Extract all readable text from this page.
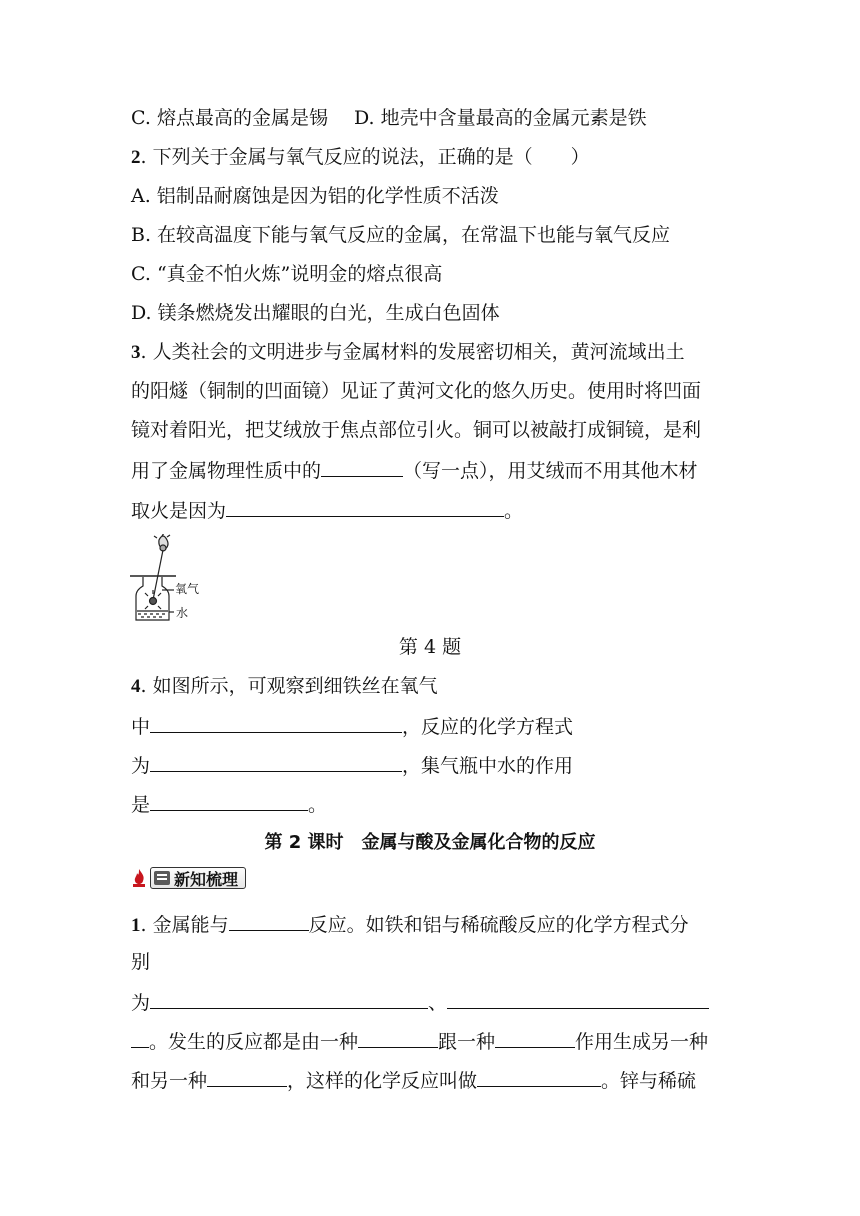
C. 熔点最高的金属是锡 D. 地壳中含量最高的金属元素是铁
2. 下列关于金属与氧气反应的说法，正确的是（　　）
A. 铝制品耐腐蚀是因为铝的化学性质不活泼
B. 在较高温度下能与氧气反应的金属，在常温下也能与氧气反应
C. “真金不怕火炼”说明金的熔点很高
D. 镁条燃烧发出耀眼的白光，生成白色固体
3. 人类社会的文明进步与金属材料的发展密切相关，黄河流域出土
的阳燧（铜制的凹面镜）见证了黄河文化的悠久历史。使用时将凹面
镜对着阳光，把艾绒放于焦点部位引火。铜可以被敲打成铜镜，是利
用了金属物理性质中的	（写一点），用艾绒而不用其他木材
取火是因为	。
氧气
水
第 4 题
4. 如图所示，可观察到细铁丝在氧气
中	，反应的化学方程式
为	，集气瓶中水的作用
是	。
第 2 课时　金属与酸及金属化合物的反应
新知梳理
1. 金属能与	反应。如铁和铝与稀硫酸反应的化学方程式分
别
为	、
。发生的反应都是由一种	跟一种	作用生成另一种
和另一种	，这样的化学反应叫做	。锌与稀硫
